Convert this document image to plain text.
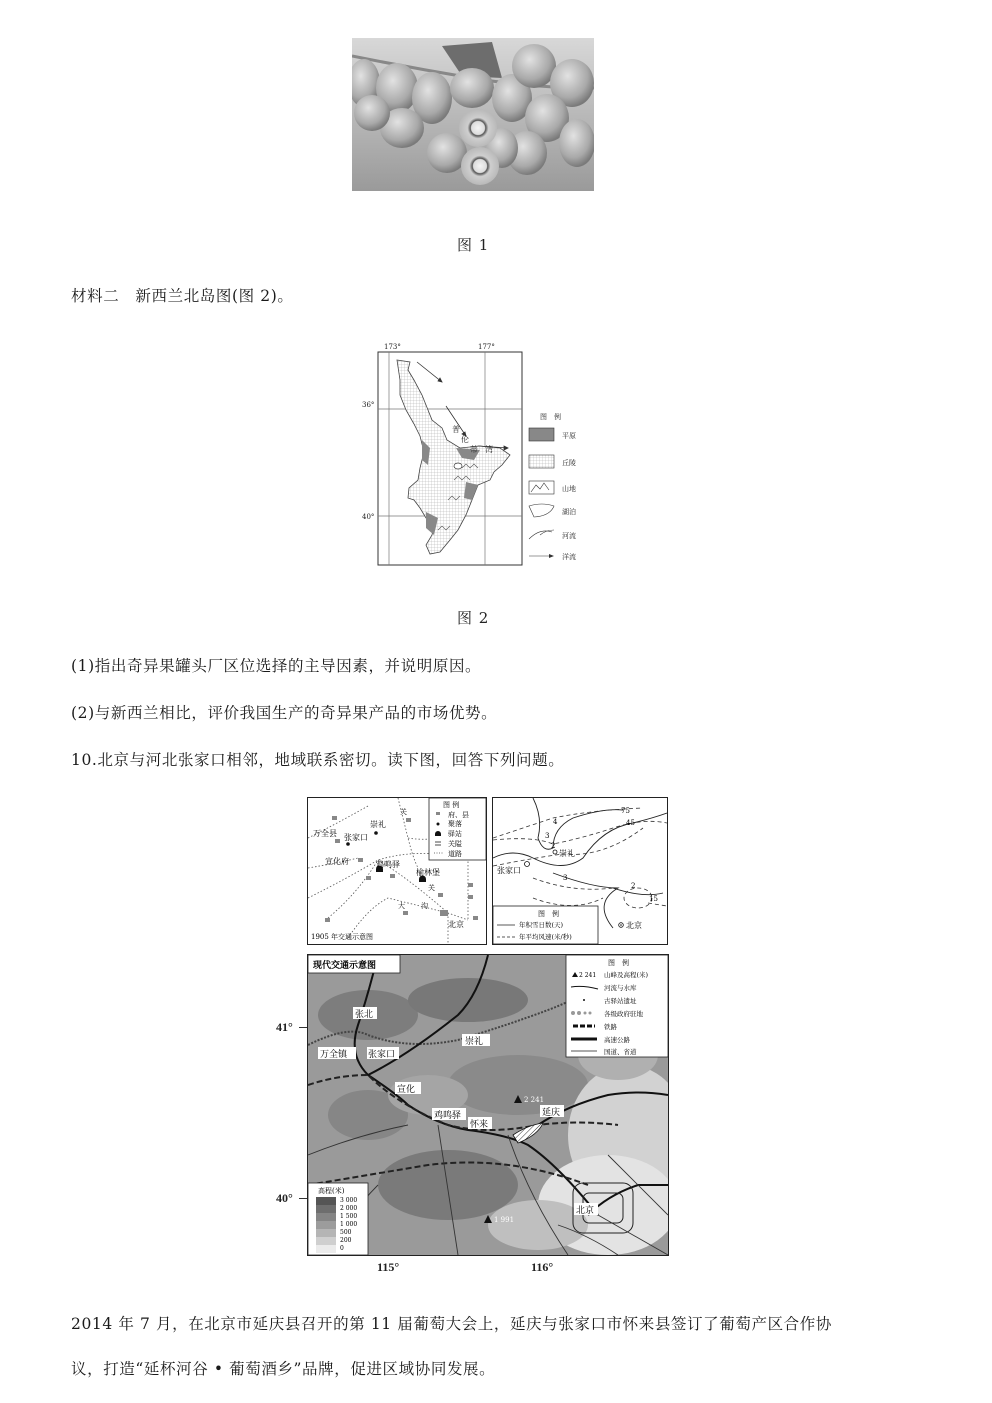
图 1
材料二　新西兰北岛图(图 2)。
普
伦
蒂 湾
173°	177°
36°
40°
图　例
平原
丘陵
山地
湖泊
河流
洋流
图 2
(1)指出奇异果罐头厂区位选择的主导因素，并说明原因。
(2)与新西兰相比，评价我国生产的奇异果产品的市场优势。
10.北京与河北张家口相邻，地域联系密切。读下图，回答下列问题。
万全县
崇礼
张家口
宣化府	鸡鸣驿
榆林堡
北京
关
关
大 沟
1905 年交通示意图
图 例
府、县
聚落
驿站
关隘
道路	崇礼
张家口
75
45
15
4
3
2
3
2
图　例
年积雪日数(天)
年平均风速(米/秒)
北京
现代交通示意图
张北
崇礼
万全镇 张家口
宣化
鸡鸣驿
怀来
延庆
北京
2 241
1 991
图　例
2 241 山峰及高程(米)
河流与水库
古驿站遗址
各级政府驻地
铁路
高速公路
国道、省道
高程(米)
3 000
2 000
1 500
1 000
500
200
0
41°
40°
115°	116°
2014 年 7 月，在北京市延庆县召开的第 11 届葡萄大会上，延庆与张家口市怀来县签订了葡萄产区合作协
议，打造“延杯河谷 • 葡萄酒乡”品牌，促进区域协同发展。
